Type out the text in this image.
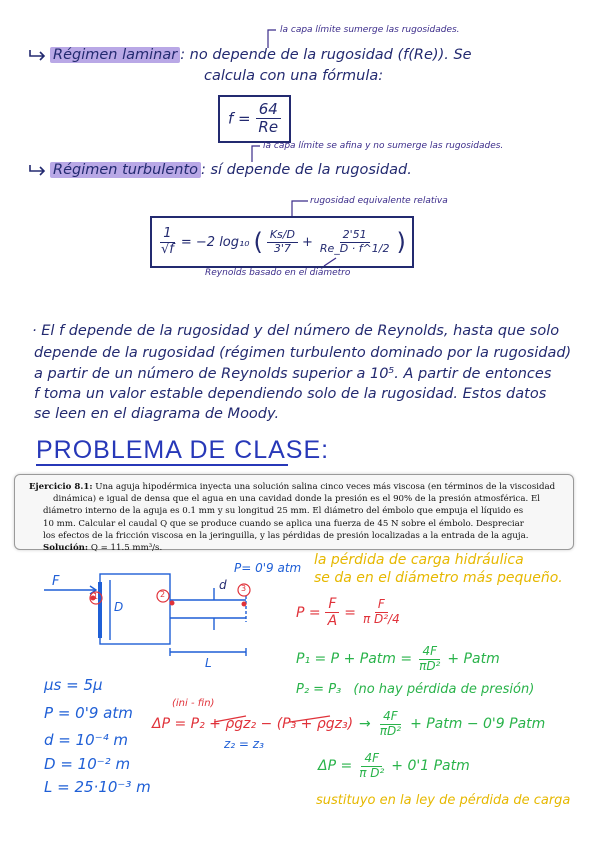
la capa límite sumerge las rugosidades.
Régimen laminar : no depende de la rugosidad (f(Re)). Se
calcula con una fórmula:
$f = \frac{64}{Re}$
la capa límite se afina y no sumerge las rugosidades.
Régimen turbulento : sí depende de la rugosidad.
rugosidad equivalente relativa
$\frac{1}{√f} = -2$ log₁₀ ( $\frac{Ks/D}{3'7} + \frac{2'51}{Re\_D \cdot f\^{}1/2}$ )
Reynolds basado en el diámetro
· El f depende de la rugosidad y del número de Reynolds, hasta que solo
depende de la rugosidad (régimen turbulento dominado por la rugosidad)
a partir de un número de Reynolds superior a 10⁵. A partir de entonces
f toma un valor estable dependiendo solo de la rugosidad. Estos datos
se leen en el diagrama de Moody.
PROBLEMA DE CLASE:
Ejercicio 8.1: Una aguja hipodérmica inyecta una solución salina cinco veces más viscosa (en términos de la viscosidad
dinámica) e igual de densa que el agua en una cavidad donde la presión es el 90% de la presión atmosférica. El
diámetro interno de la aguja es 0.1 mm y su longitud 25 mm. El diámetro del émbolo que empuja el líquido es
10 mm. Calcular el caudal Q que se produce cuando se aplica una fuerza de 45 N sobre el émbolo. Despreciar
los efectos de la fricción viscosa en la jeringuilla, y las pérdidas de presión localizadas a la entrada de la aguja.
Solución: Q = 11.5 mm³/s.
la pérdida de carga hidráulica
se da en el diámetro más pequeño.
F
D
d
L
P= 0'9 atm
1	2
3
μs = 5μ
P = 0'9 atm
d = 10⁻⁴ m
D = 10⁻² m
L = 25·10⁻³ m
$P = \frac{F}{A} = \frac{F}{\text{π D²/4}}$
P₁ = P + Patm = $\frac{4F}{\text{πD²}}$ + Patm
P₂ = P₃ (no hay pérdida de presión)
(ini - fin)
$\Delta P = P_2 + \rho gz_2 - (P_3 + \rho gz_3) \to \frac{4F}{\text{πD²}}$ + Patm − 0'9 Patm
z₂ = z₃
$\Delta P = \frac{4F}{\text{π D²}} + 0'1$ Patm
sustituyo en la ley de pérdida de carga
